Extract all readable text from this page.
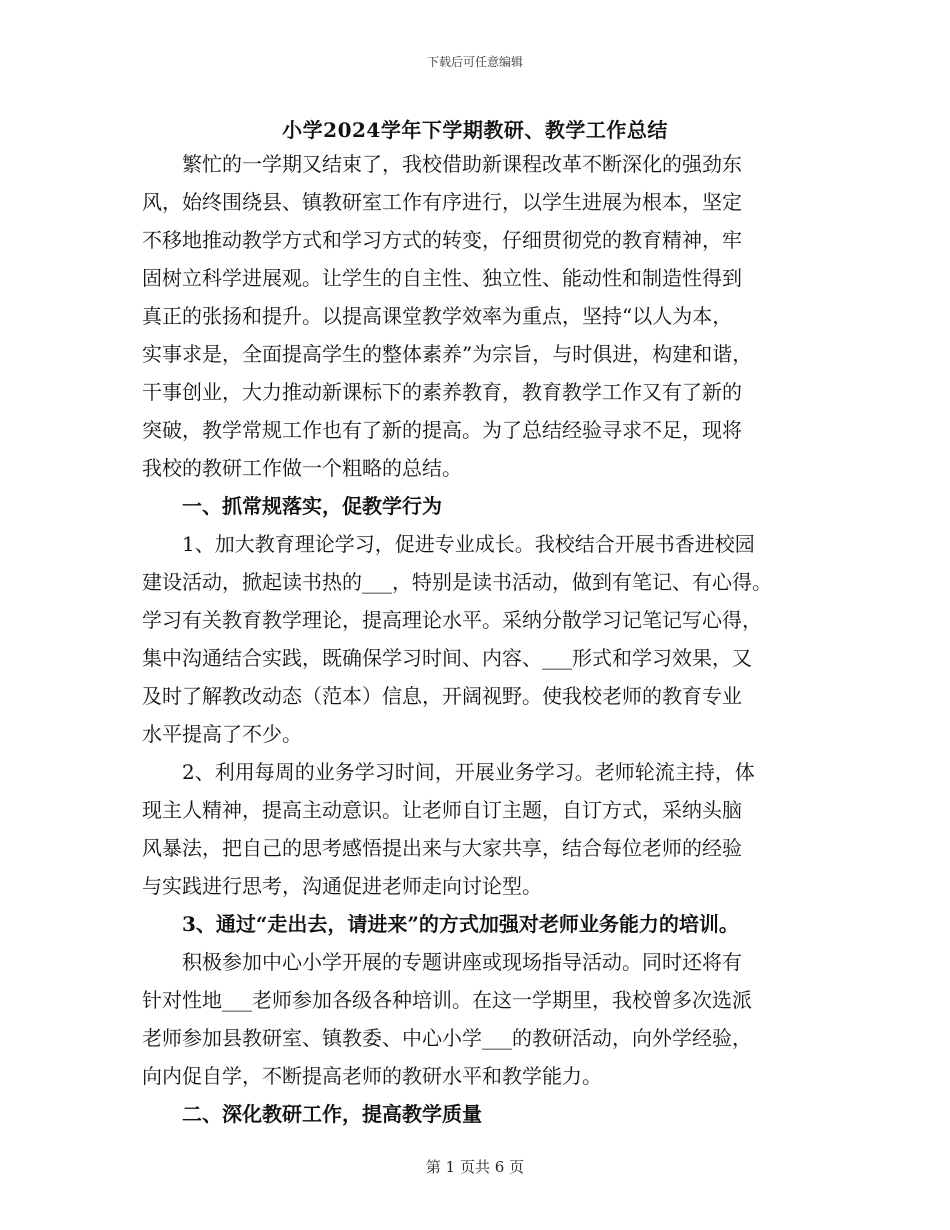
下载后可任意编辑
小学2024学年下学期教研、教学工作总结

　　繁忙的一学期又结束了，我校借助新课程改革不断深化的强劲东
风，始终围绕县、镇教研室工作有序进行，以学生进展为根本，坚定
不移地推动教学方式和学习方式的转变，仔细贯彻党的教育精神，牢
固树立科学进展观。让学生的自主性、独立性、能动性和制造性得到
真正的张扬和提升。以提高课堂教学效率为重点，坚持“以人为本，
实事求是，全面提高学生的整体素养”为宗旨，与时俱进，构建和谐，
干事创业，大力推动新课标下的素养教育，教育教学工作又有了新的
突破，教学常规工作也有了新的提高。为了总结经验寻求不足，现将
我校的教研工作做一个粗略的总结。

　　一、抓常规落实，促教学行为

　　1、加大教育理论学习，促进专业成长。我校结合开展书香进校园
建设活动，掀起读书热的___，特别是读书活动，做到有笔记、有心得。
学习有关教育教学理论，提高理论水平。采纳分散学习记笔记写心得，
集中沟通结合实践，既确保学习时间、内容、___形式和学习效果，又
及时了解教改动态（范本）信息，开阔视野。使我校老师的教育专业
水平提高了不少。

　　2、利用每周的业务学习时间，开展业务学习。老师轮流主持，体
现主人精神，提高主动意识。让老师自订主题，自订方式，采纳头脑
风暴法，把自己的思考感悟提出来与大家共享，结合每位老师的经验
与实践进行思考，沟通促进老师走向讨论型。

　　3、通过“走出去，请进来”的方式加强对老师业务能力的培训。

　　积极参加中心小学开展的专题讲座或现场指导活动。同时还将有
针对性地___老师参加各级各种培训。在这一学期里，我校曾多次选派
老师参加县教研室、镇教委、中心小学___的教研活动，向外学经验，
向内促自学，不断提高老师的教研水平和教学能力。

　　二、深化教研工作，提高教学质量

第 1 页共 6 页
